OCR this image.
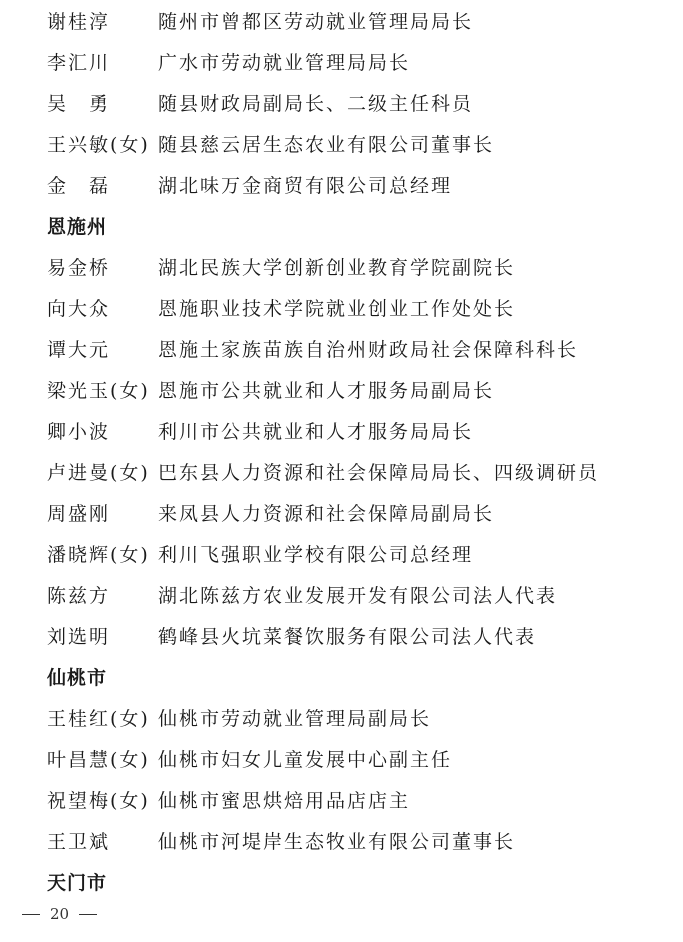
谢桂淳	随州市曾都区劳动就业管理局局长
李汇川	广水市劳动就业管理局局长
吴　勇	随县财政局副局长、二级主任科员
王兴敏(女) 随县慈云居生态农业有限公司董事长
金　磊	湖北味万金商贸有限公司总经理
恩施州
易金桥	湖北民族大学创新创业教育学院副院长
向大众	恩施职业技术学院就业创业工作处处长
谭大元	恩施土家族苗族自治州财政局社会保障科科长
梁光玉(女) 恩施市公共就业和人才服务局副局长
卿小波	利川市公共就业和人才服务局局长
卢进曼(女) 巴东县人力资源和社会保障局局长、四级调研员
周盛刚	来凤县人力资源和社会保障局副局长
潘晓辉(女) 利川飞强职业学校有限公司总经理
陈兹方	湖北陈兹方农业发展开发有限公司法人代表
刘选明	鹤峰县火坑菜餐饮服务有限公司法人代表
仙桃市
王桂红(女) 仙桃市劳动就业管理局副局长
叶昌慧(女) 仙桃市妇女儿童发展中心副主任
祝望梅(女) 仙桃市蜜思烘焙用品店店主
王卫斌	仙桃市河堤岸生态牧业有限公司董事长
天门市
20
